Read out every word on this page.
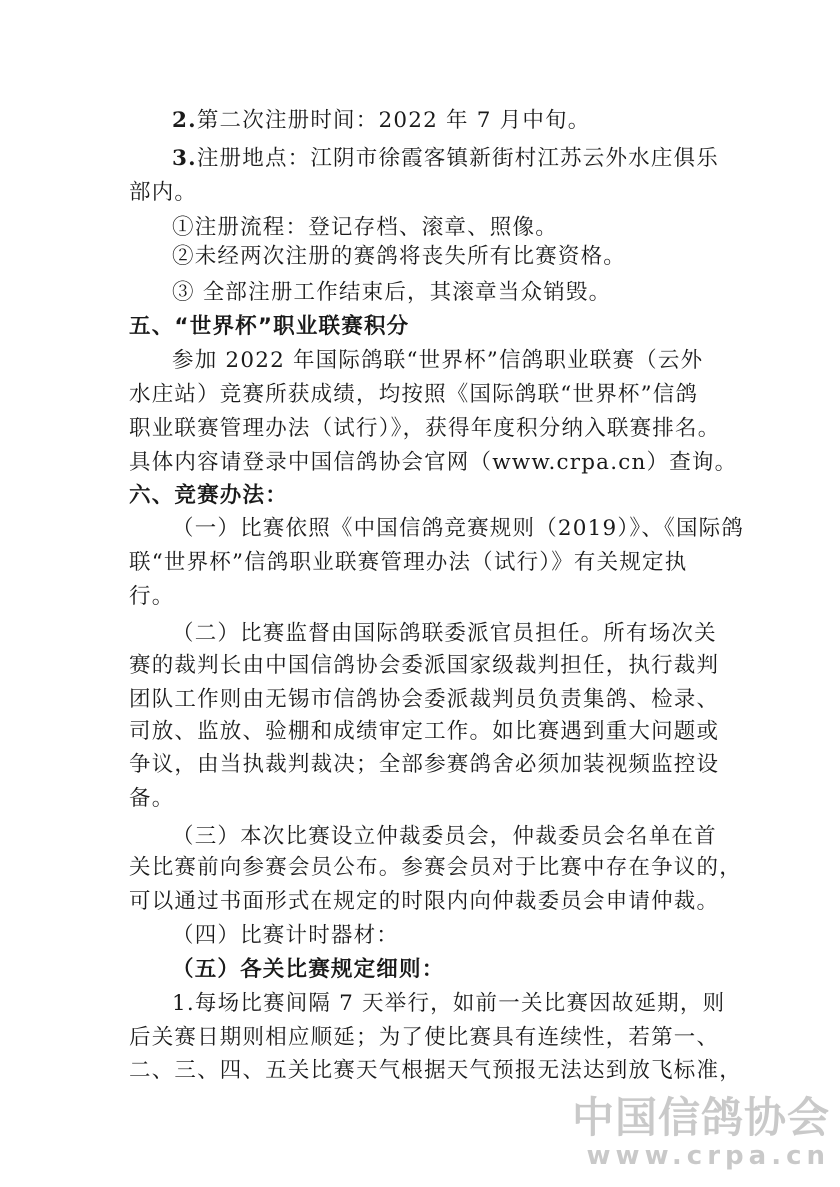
2.第二次注册时间：2022 年 7 月中旬。
3.注册地点：江阴市徐霞客镇新街村江苏云外水庄俱乐
部内。
①注册流程：登记存档、滚章、照像。
②未经两次注册的赛鸽将丧失所有比赛资格。
③ 全部注册工作结束后，其滚章当众销毁。
五、“世界杯”职业联赛积分
参加 2022 年国际鸽联“世界杯”信鸽职业联赛（云外
水庄站）竞赛所获成绩，均按照《国际鸽联“世界杯”信鸽
职业联赛管理办法（试行）》，获得年度积分纳入联赛排名。
具体内容请登录中国信鸽协会官网（www.crpa.cn）查询。
六、竞赛办法：
（一）比赛依照《中国信鸽竞赛规则（2019）》、《国际鸽
联“世界杯”信鸽职业联赛管理办法（试行）》有关规定执
行。
（二）比赛监督由国际鸽联委派官员担任。所有场次关
赛的裁判长由中国信鸽协会委派国家级裁判担任，执行裁判
团队工作则由无锡市信鸽协会委派裁判员负责集鸽、检录、
司放、监放、验棚和成绩审定工作。如比赛遇到重大问题或
争议，由当执裁判裁决；全部参赛鸽舍必须加装视频监控设
备。
（三）本次比赛设立仲裁委员会，仲裁委员会名单在首
关比赛前向参赛会员公布。参赛会员对于比赛中存在争议的，
可以通过书面形式在规定的时限内向仲裁委员会申请仲裁。
（四）比赛计时器材：
（五）各关比赛规定细则：
1.每场比赛间隔 7 天举行，如前一关比赛因故延期，则
后关赛日期则相应顺延；为了使比赛具有连续性，若第一、
二、三、四、五关比赛天气根据天气预报无法达到放飞标准，
中国信鸽协会
www.crpa.cn
